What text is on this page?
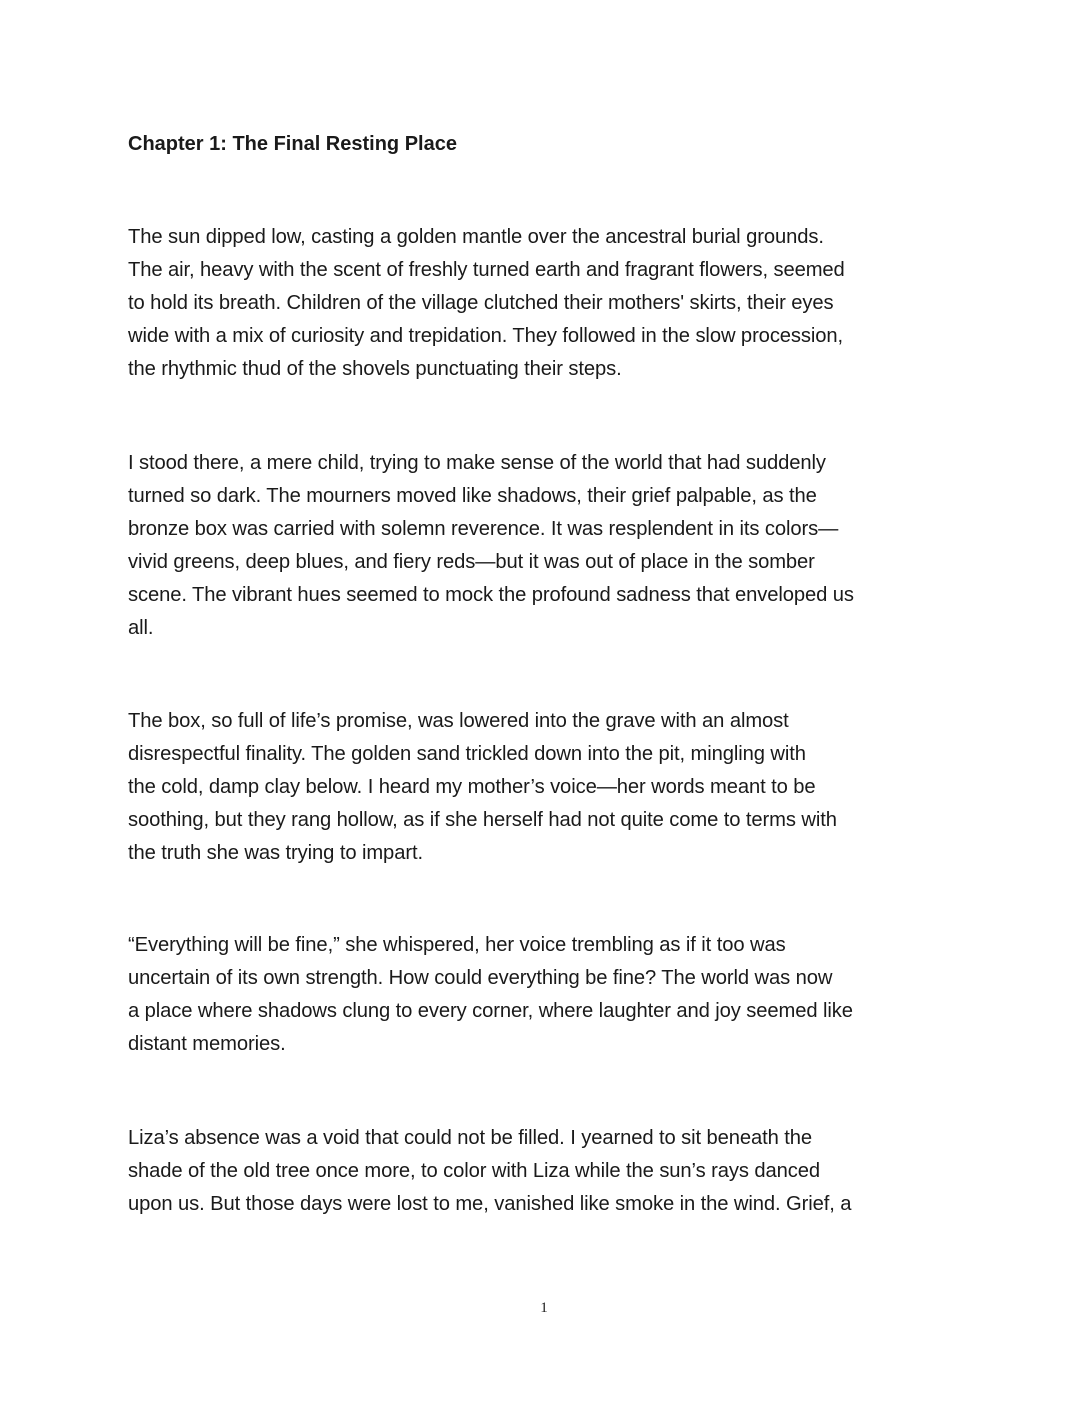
Chapter 1: The Final Resting Place

The sun dipped low, casting a golden mantle over the ancestral burial grounds.
The air, heavy with the scent of freshly turned earth and fragrant flowers, seemed
to hold its breath. Children of the village clutched their mothers' skirts, their eyes
wide with a mix of curiosity and trepidation. They followed in the slow procession,
the rhythmic thud of the shovels punctuating their steps.

I stood there, a mere child, trying to make sense of the world that had suddenly
turned so dark. The mourners moved like shadows, their grief palpable, as the
bronze box was carried with solemn reverence. It was resplendent in its colors—
vivid greens, deep blues, and fiery reds—but it was out of place in the somber
scene. The vibrant hues seemed to mock the profound sadness that enveloped us
all.

The box, so full of life’s promise, was lowered into the grave with an almost
disrespectful finality. The golden sand trickled down into the pit, mingling with
the cold, damp clay below. I heard my mother’s voice—her words meant to be
soothing, but they rang hollow, as if she herself had not quite come to terms with
the truth she was trying to impart.

“Everything will be fine,” she whispered, her voice trembling as if it too was
uncertain of its own strength. How could everything be fine? The world was now
a place where shadows clung to every corner, where laughter and joy seemed like
distant memories.

Liza’s absence was a void that could not be filled. I yearned to sit beneath the
shade of the old tree once more, to color with Liza while the sun’s rays danced
upon us. But those days were lost to me, vanished like smoke in the wind. Grief, a

1
